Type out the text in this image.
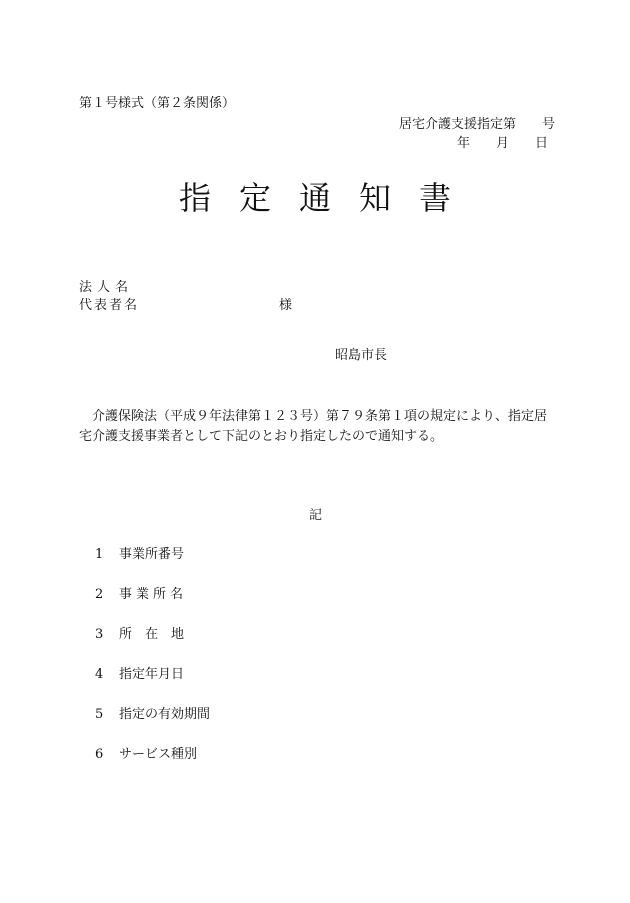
第１号様式（第２条関係）
居宅介護支援指定第　　号
年　　月　　日
指定通知書
法人名
代表者名	様
昭島市長
介護保険法（平成９年法律第１２３号）第７９条第１項の規定により、指定居宅介護支援事業者として下記のとおり指定したので通知する。
記
1	事業所番号
2	事業所名
3	所在地
4	指定年月日
5	指定の有効期間
6	サービス種別
